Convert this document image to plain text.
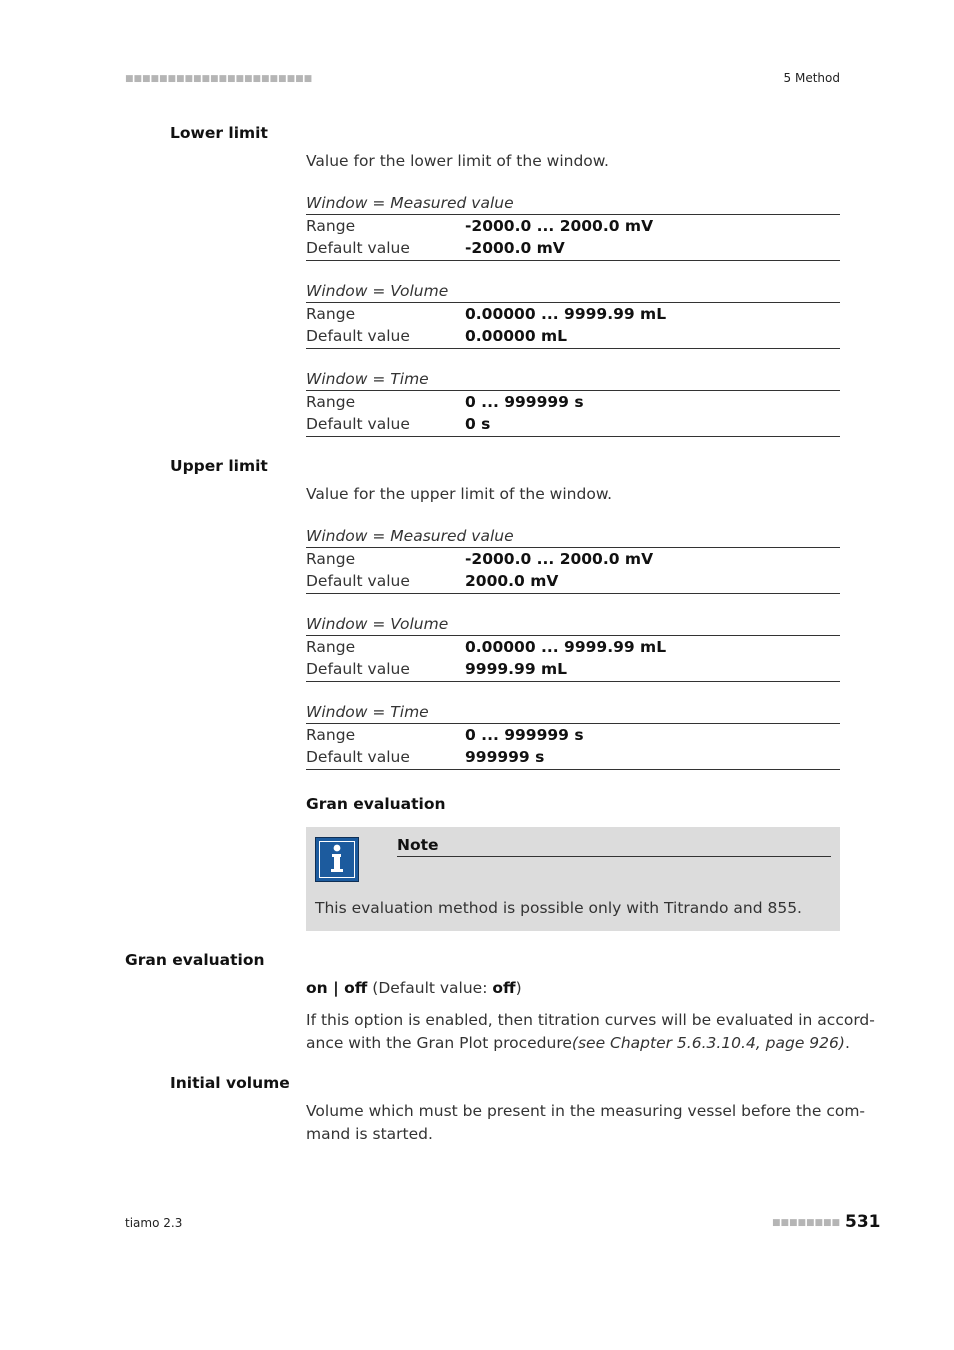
■■■■■■■■■■■■■■■■■■■■■■	5 Method
Lower limit
Value for the lower limit of the window.
Window = Measured value
Range	-2000.0 ... 2000.0 mV
Default value	-2000.0 mV
Window = Volume
Range	0.00000 ... 9999.99 mL
Default value	0.00000 mL
Window = Time
Range	0 ... 999999 s
Default value	0 s
Upper limit
Value for the upper limit of the window.
Window = Measured value
Range	-2000.0 ... 2000.0 mV
Default value	2000.0 mV
Window = Volume
Range	0.00000 ... 9999.99 mL
Default value	9999.99 mL
Window = Time
Range	0 ... 999999 s
Default value	999999 s
Gran evaluation
Note
This evaluation method is possible only with Titrando and 855.
Gran evaluation
on | off (Default value: off)
If this option is enabled, then titration curves will be evaluated in accord-
ance with the Gran Plot procedure(see Chapter 5.6.3.10.4, page 926).
Initial volume
Volume which must be present in the measuring vessel before the com-
mand is started.
tiamo 2.3	■■■■■■■■ 531
